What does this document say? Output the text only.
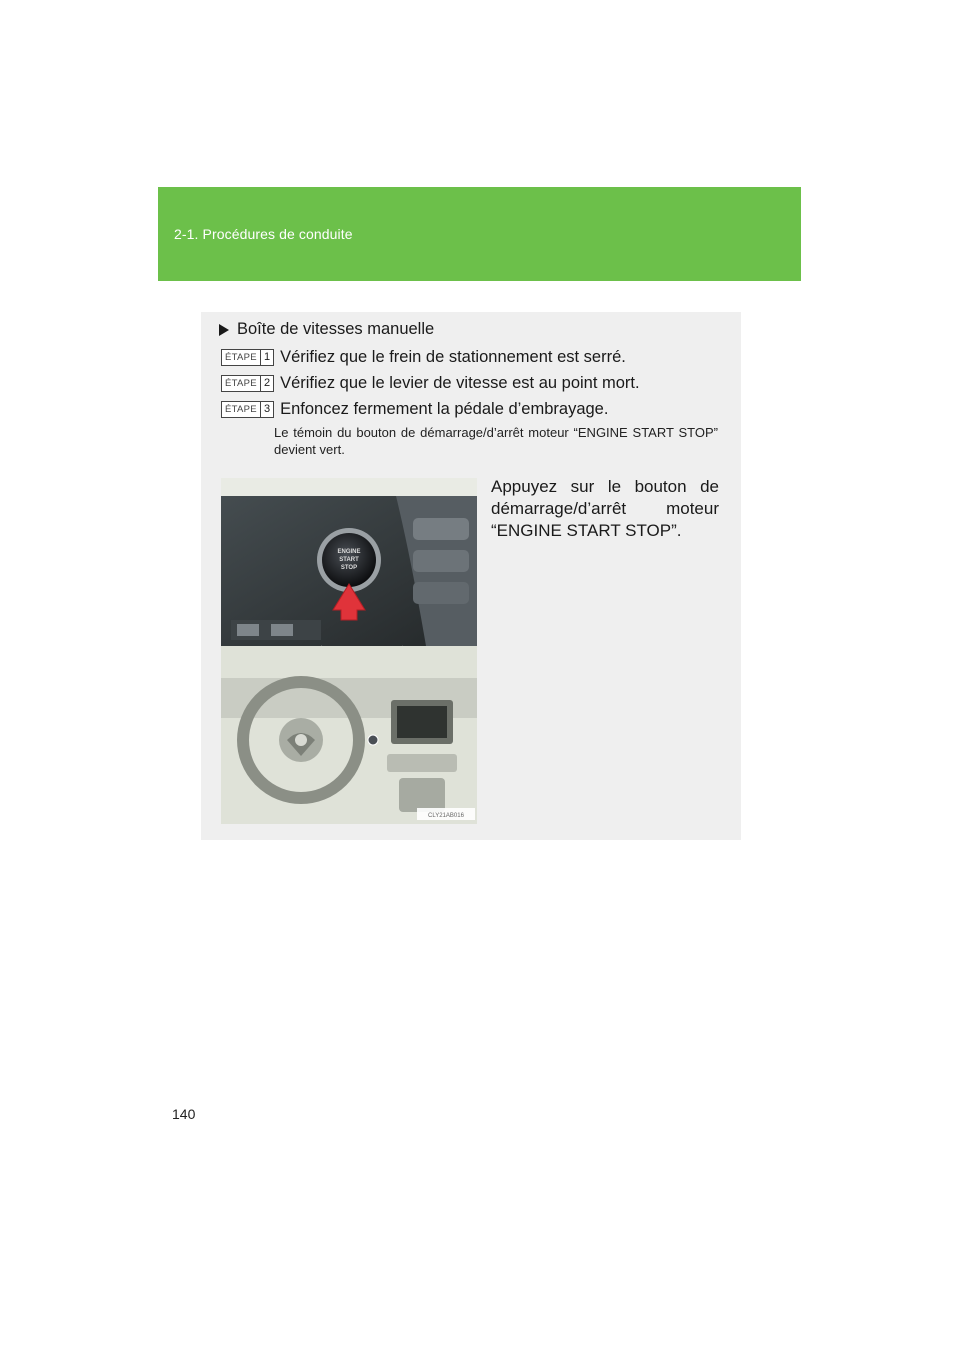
2-1. Procédures de conduite
Boîte de vitesses manuelle
ÉTAPE 1 Vérifiez que le frein de stationnement est serré.
ÉTAPE 2 Vérifiez que le levier de vitesse est au point mort.
ÉTAPE 3 Enfoncez fermement la pédale d’embrayage.
Le témoin du bouton de démarrage/d’arrêt moteur “ENGINE START STOP” devient vert.
ENGINE
START
STOP
CLY21AB016
Appuyez sur le bouton de démarrage/d’arrêt moteur “ENGINE START STOP”.
140
